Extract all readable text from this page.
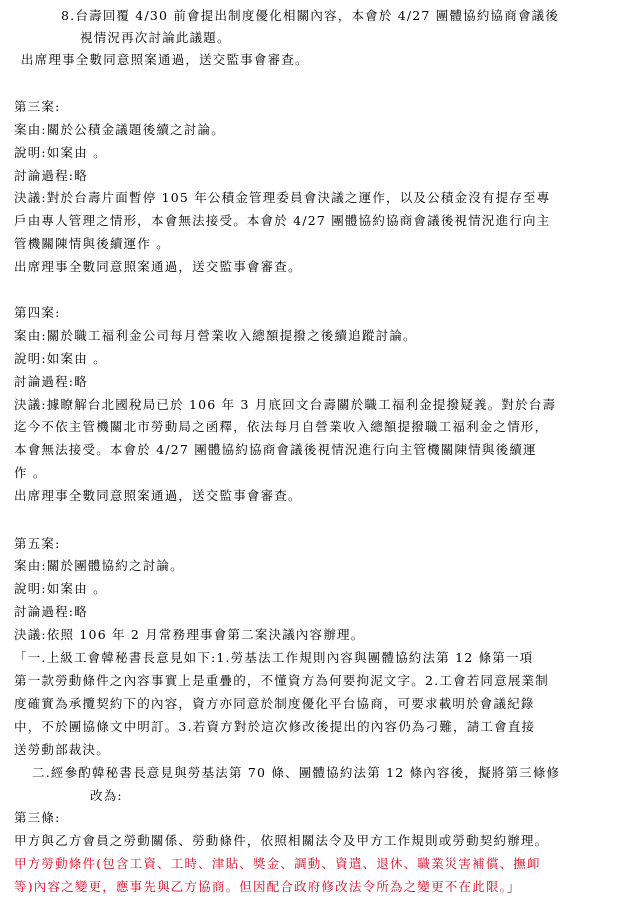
8.台壽回覆 4/30 前會提出制度優化相關內容，本會於 4/27 團體協約協商會議後
視情況再次討論此議題。
出席理事全數同意照案通過，送交監事會審查。
第三案:
案由:關於公積金議題後續之討論。
說明:如案由 。
討論過程:略
決議:對於台壽片面暫停 105 年公積金管理委員會決議之運作，以及公積金沒有提存至專
戶由專人管理之情形，本會無法接受。本會於 4/27 團體協約協商會議後視情況進行向主
管機關陳情與後續運作 。
出席理事全數同意照案通過，送交監事會審查。
第四案:
案由:關於職工福利金公司每月營業收入總額提撥之後續追蹤討論。
說明:如案由 。
討論過程:略
決議:據瞭解台北國稅局已於 106 年 3 月底回文台壽關於職工福利金提撥疑義。對於台壽
迄今不依主管機關北市勞動局之函釋，依法每月自營業收入總額提撥職工福利金之情形，
本會無法接受。本會於 4/27 團體協約協商會議後視情況進行向主管機關陳情與後續運
作 。
出席理事全數同意照案通過，送交監事會審查。
第五案:
案由:關於團體協約之討論。
說明:如案由 。
討論過程:略
決議:依照 106 年 2 月常務理事會第二案決議內容辦理。
「一.上級工會韓秘書長意見如下:1.勞基法工作規則內容與團體協約法第 12 條第一項
第一款勞動條件之內容事實上是重疊的，不懂資方為何要拘泥文字。2.工會若同意展業制
度確實為承攬契約下的內容，資方亦同意於制度優化平台協商，可要求載明於會議紀錄
中，不於團協條文中明訂。3.若資方對於這次修改後提出的內容仍為刁難，請工會直接
送勞動部裁決。
二.經參酌韓秘書長意見與勞基法第 70 條、團體協約法第 12 條內容後，擬將第三條修
改為:
第三條:
甲方與乙方會員之勞動關係、勞動條件，依照相關法令及甲方工作規則或勞動契約辦理。
甲方勞動條件(包含工資、工時、津貼、獎金、調動、資遣、退休、職業災害補償、撫卹
等)內容之變更，應事先與乙方協商。但因配合政府修改法令所為之變更不在此限。」
